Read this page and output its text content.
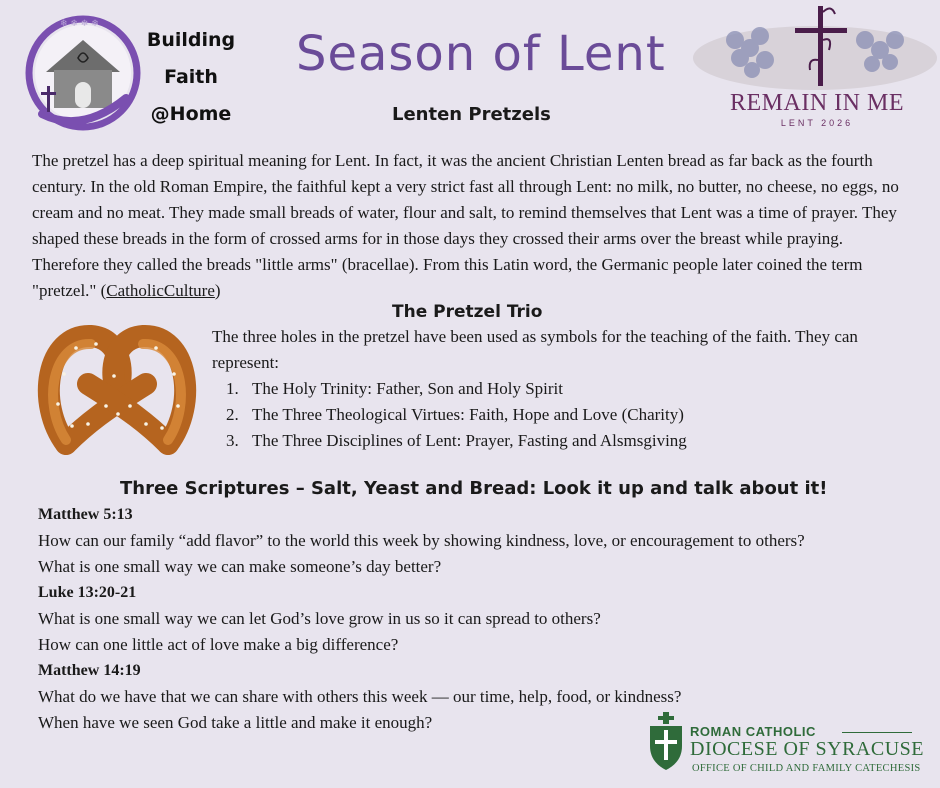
❄ ❄ ❄ ❄
Building
Faith
@Home
Season of Lent
Lenten Pretzels	REMAIN IN ME
LENT 2026
The pretzel has a deep spiritual meaning for Lent. In fact, it was the ancient Christian Lenten bread as far back as the fourth century. In the old Roman Empire, the faithful kept a very strict fast all through Lent: no milk, no butter, no cheese, no eggs, no cream and no meat. They made small breads of water, flour and salt, to remind themselves that Lent was a time of prayer. They shaped these breads in the form of crossed arms for in those days they crossed their arms over the breast while praying. Therefore they called the breads "little arms" (bracellae). From this Latin word, the Germanic people later coined the term "pretzel." (CatholicCulture)
The Pretzel Trio
The three holes in the pretzel have been used as symbols for the teaching of the faith. They can represent:
1. The Holy Trinity: Father, Son and Holy Spirit
2. The Three Theological Virtues: Faith, Hope and Love (Charity)
3. The Three Disciplines of Lent: Prayer, Fasting and Alsmsgiving
Three Scriptures – Salt, Yeast and Bread: Look it up and talk about it!
Matthew 5:13
How can our family “add flavor” to the world this week by showing kindness, love, or encouragement to others?
What is one small way we can make someone’s day better?
Luke 13:20-21
What is one small way we can let God’s love grow in us so it can spread to others?
How can one little act of love make a big difference?
Matthew 14:19
What do we have that we can share with others this week — our time, help, food, or kindness?
When have we seen God take a little and make it enough?	ROMAN CATHOLIC
DIOCESE OF SYRACUSE
OFFICE OF CHILD AND FAMILY CATECHESIS
